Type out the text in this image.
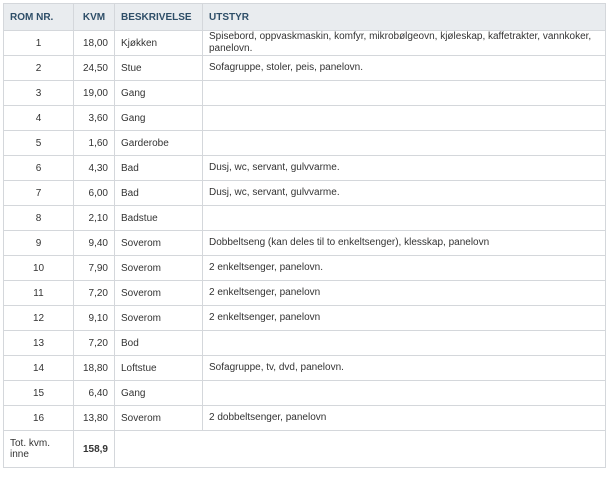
ROM NR.	KVM	BESKRIVELSE	UTSTYR
1	18,00	Kjøkken	Spisebord, oppvaskmaskin, komfyr, mikrobølgeovn, kjøleskap, kaffetrakter, vannkoker, panelovn.
2	24,50	Stue	Sofagruppe, stoler, peis, panelovn.
3	19,00	Gang	
4	3,60	Gang	
5	1,60	Garderobe	
6	4,30	Bad	Dusj, wc, servant, gulvvarme.
7	6,00	Bad	Dusj, wc, servant, gulvvarme.
8	2,10	Badstue	
9	9,40	Soverom	Dobbeltseng (kan deles til to enkeltsenger), klesskap, panelovn
10	7,90	Soverom	2 enkeltsenger, panelovn.
11	7,20	Soverom	2 enkeltsenger, panelovn
12	9,10	Soverom	2 enkeltsenger, panelovn
13	7,20	Bod	
14	18,80	Loftstue	Sofagruppe, tv, dvd, panelovn.
15	6,40	Gang	
16	13,80	Soverom	2 dobbeltsenger, panelovn
Tot. kvm. inne	158,9		
